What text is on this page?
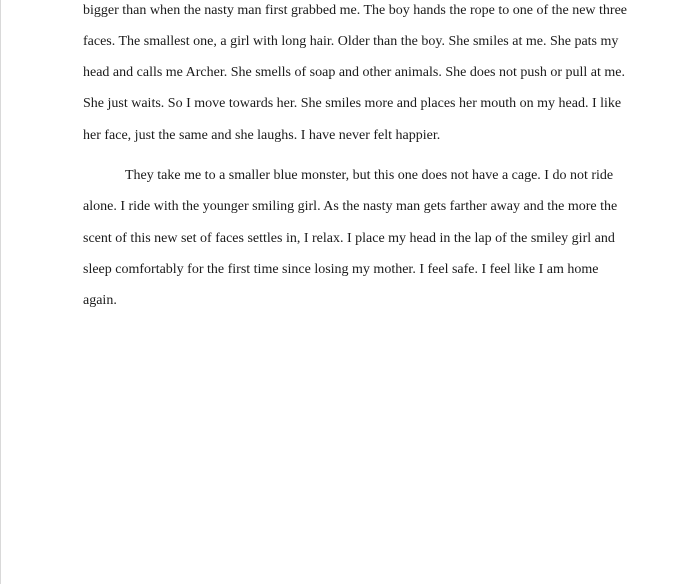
bigger than when the nasty man first grabbed me. The boy hands the rope to one of the new three
faces. The smallest one, a girl with long hair. Older than the boy. She smiles at me. She pats my
head and calls me Archer. She smells of soap and other animals. She does not push or pull at me.
She just waits. So I move towards her. She smiles more and places her mouth on my head. I like
her face, just the same and she laughs. I have never felt happier.
They take me to a smaller blue monster, but this one does not have a cage. I do not ride
alone. I ride with the younger smiling girl. As the nasty man gets farther away and the more the
scent of this new set of faces settles in, I relax. I place my head in the lap of the smiley girl and
sleep comfortably for the first time since losing my mother. I feel safe. I feel like I am home
again.
